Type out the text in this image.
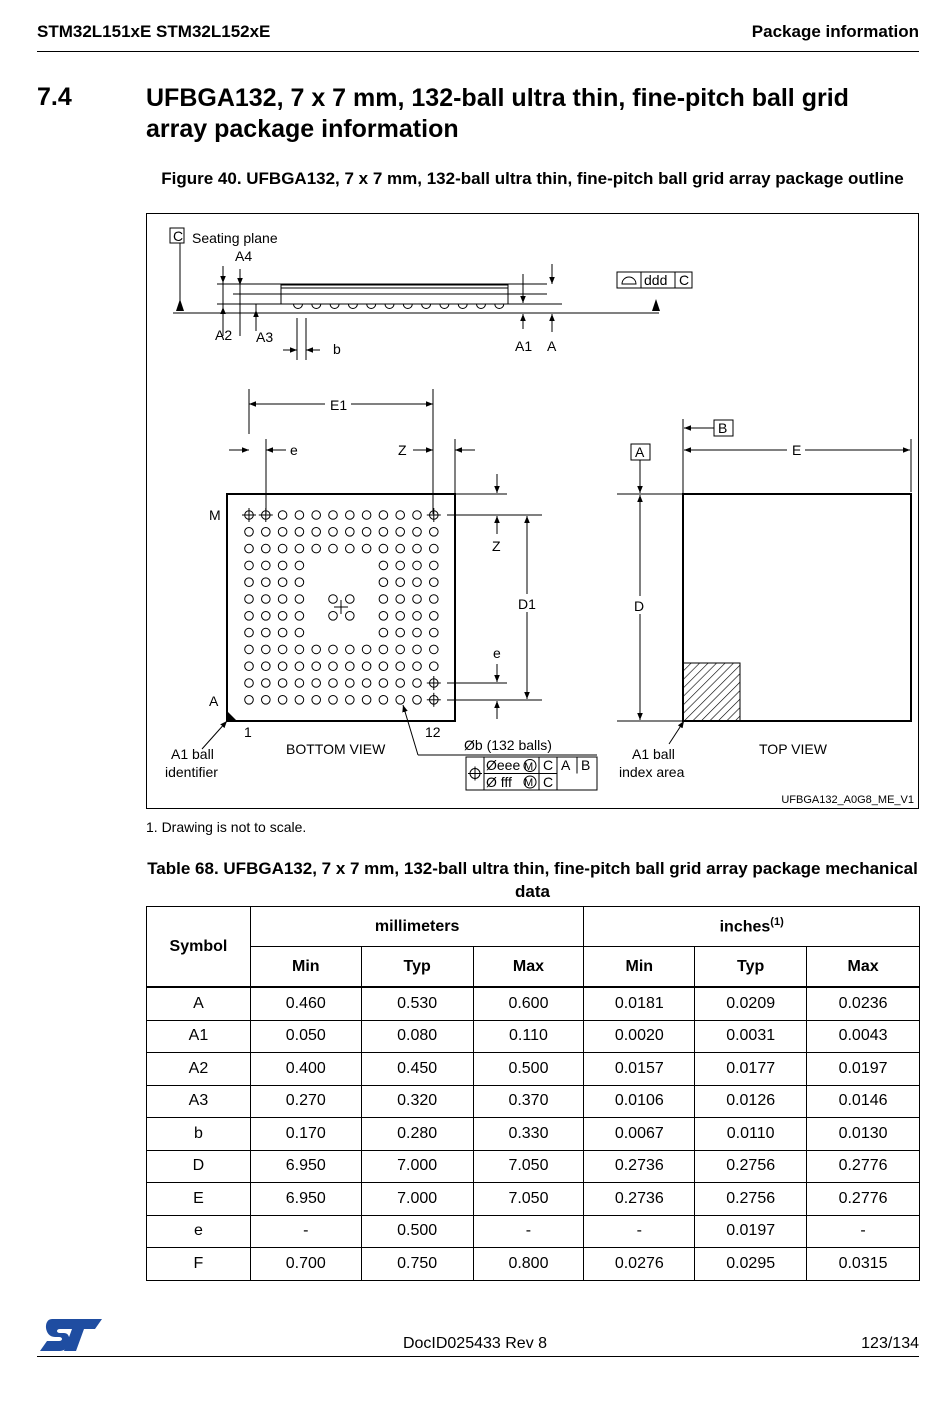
STM32L151xE STM32L152xE	Package information
7.4	UFBGA132, 7 x 7 mm, 132-ball ultra thin, fine-pitch ball grid array package information
Figure 40. UFBGA132, 7 x 7 mm, 132-ball ultra thin, fine-pitch ball grid array package outline
C Seating plane
A4
A2 A3
b	A1 A
ddd C
E1
e	Z
M
A
1	12
Z
D1
e
A1 ball
identifier
BOTTOM VIEW	Øb (132 balls)
Øeee M C A B
Ø fff M C
B
E
A
D
A1 ball
index area
TOP VIEW
UFBGA132_A0G8_ME_V1
1. Drawing is not to scale.
Table 68. UFBGA132, 7 x 7 mm, 132-ball ultra thin, fine-pitch ball grid array package mechanical data
Symbol	millimeters			inches$^{(1)}$
	Min	Typ	Max	Min	Typ	Max
A	0.460	0.530	0.600	0.0181	0.0209	0.0236
A1	0.050	0.080	0.110	0.0020	0.0031	0.0043
A2	0.400	0.450	0.500	0.0157	0.0177	0.0197
A3	0.270	0.320	0.370	0.0106	0.0126	0.0146
b	0.170	0.280	0.330	0.0067	0.0110	0.0130
D	6.950	7.000	7.050	0.2736	0.2756	0.2776
E	6.950	7.000	7.050	0.2736	0.2756	0.2776
e	-	0.500	-	-	0.0197	-
F	0.700	0.750	0.800	0.0276	0.0295	0.0315
DocID025433 Rev 8	123/134
